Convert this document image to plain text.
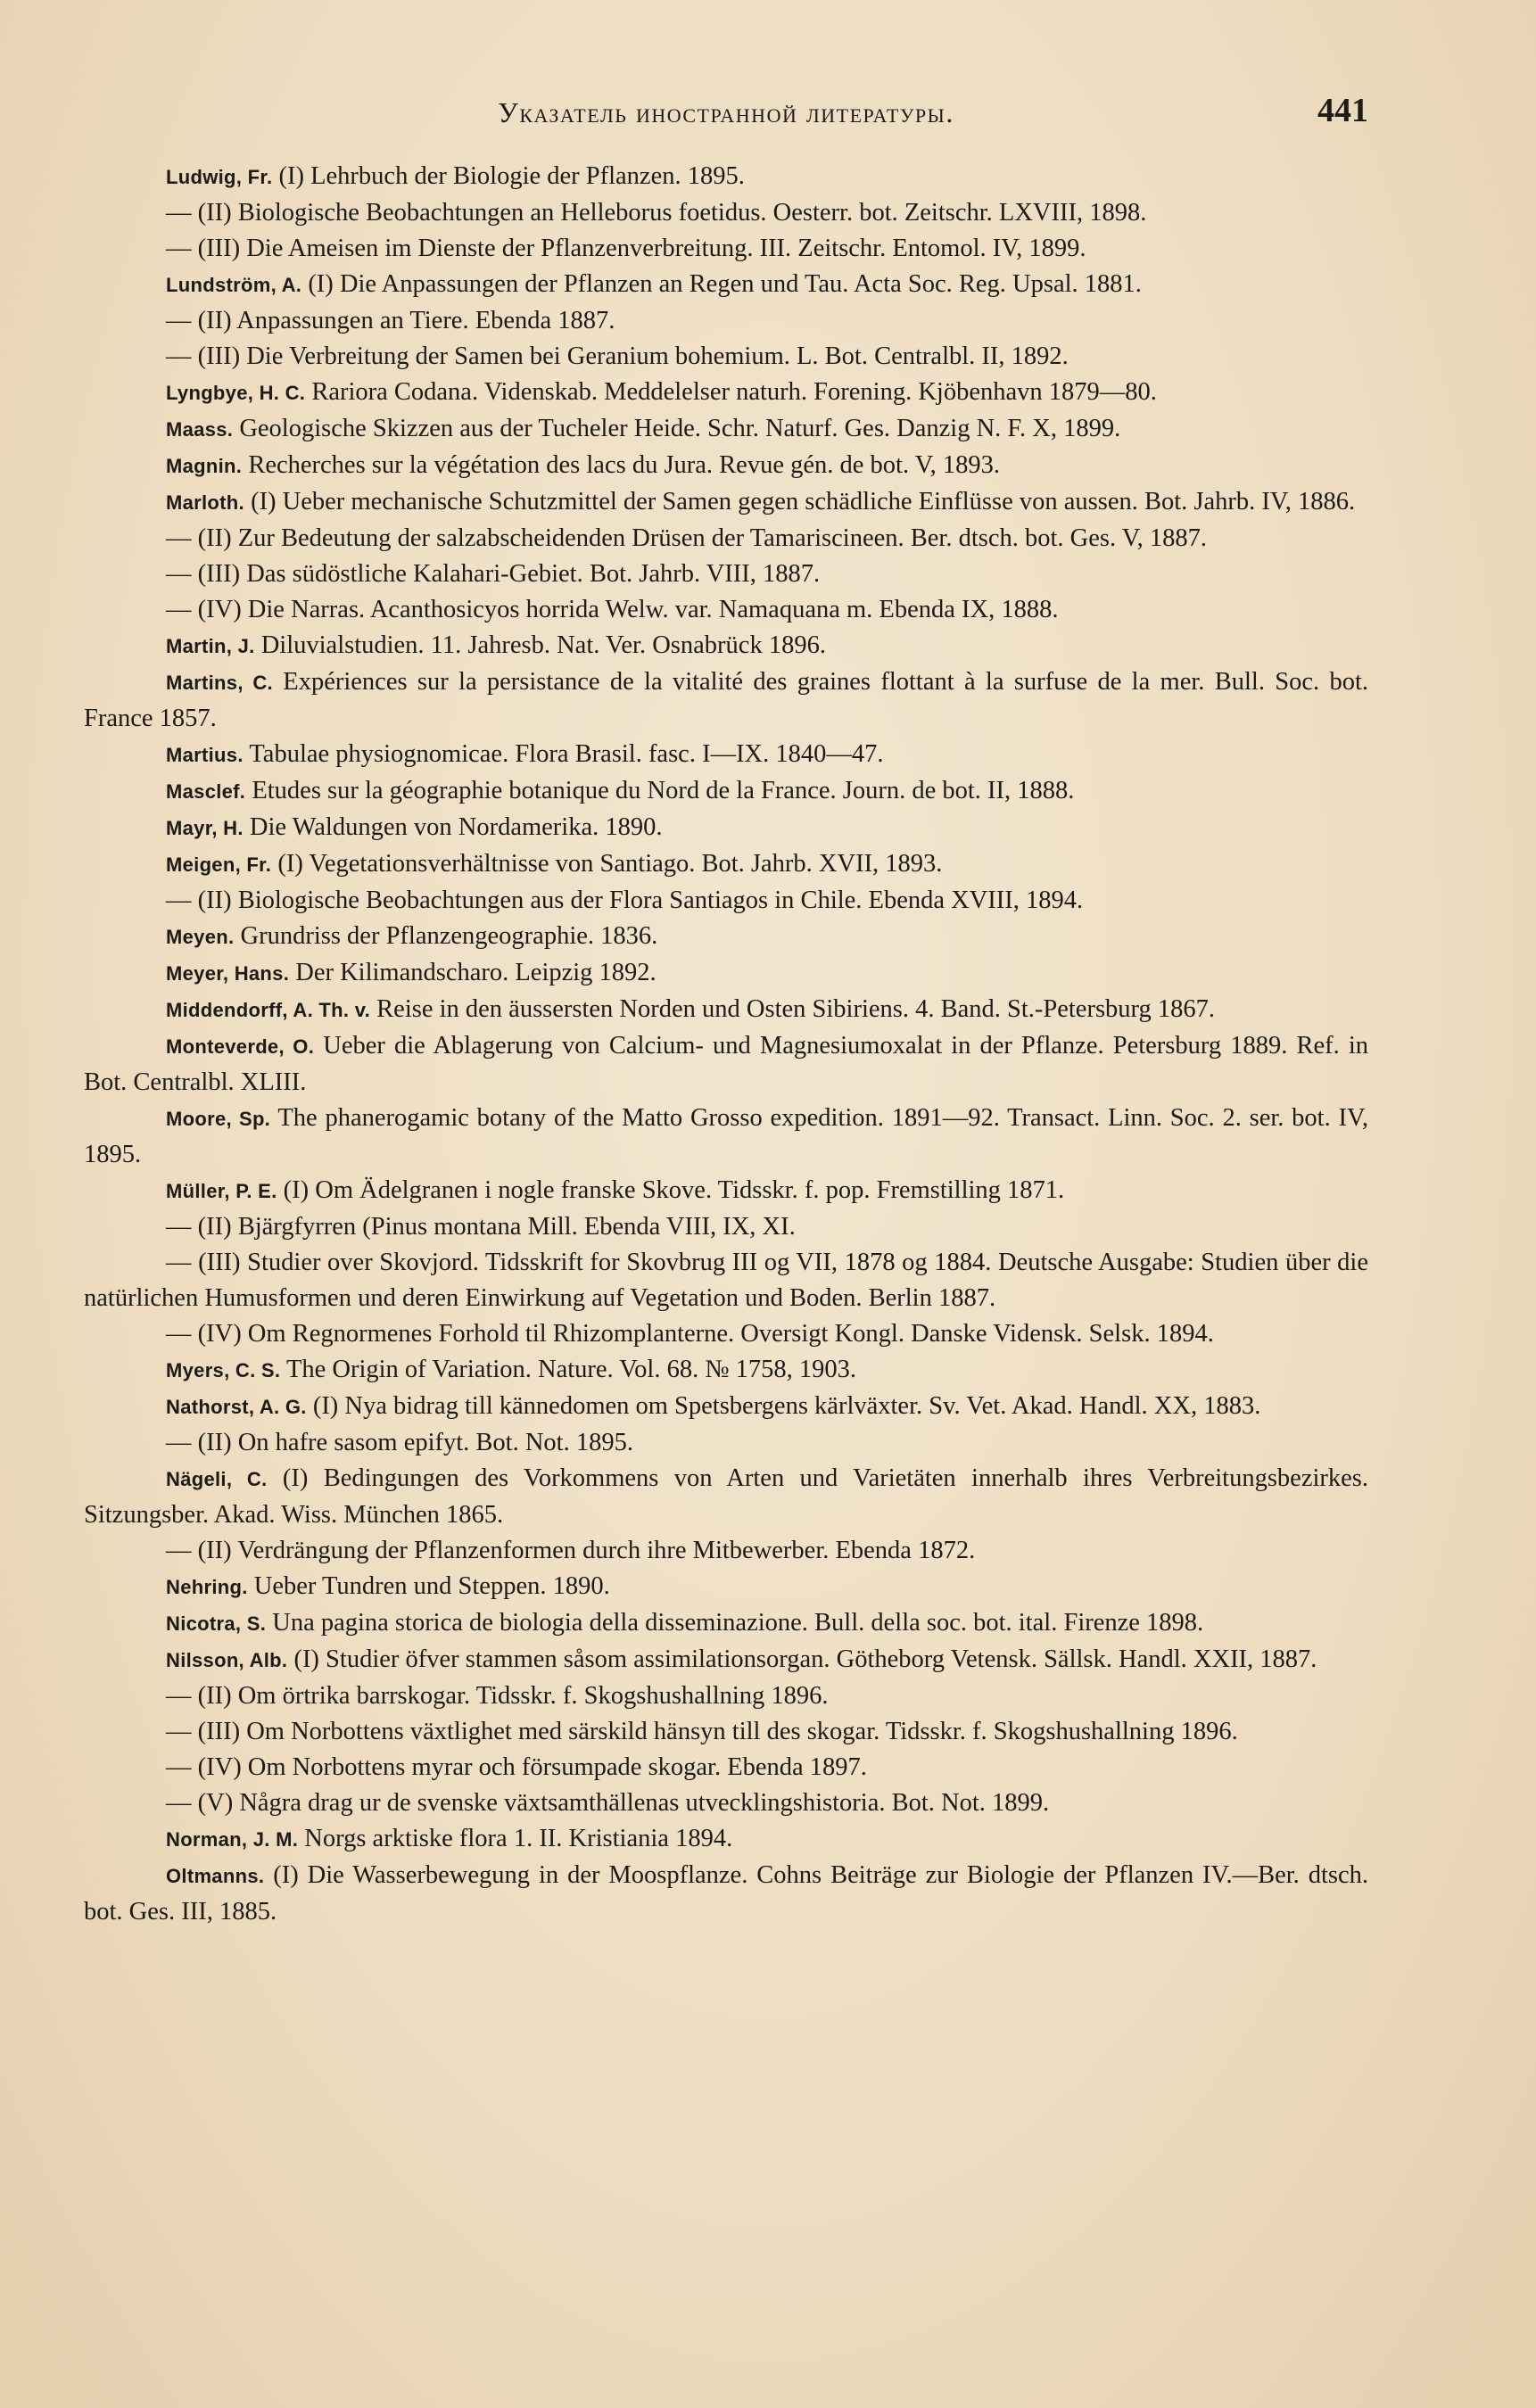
Указатель иностранной литературы.	441
Ludwig, Fr. (I) Lehrbuch der Biologie der Pflanzen. 1895.
— (II) Biologische Beobachtungen an Helleborus foetidus. Oesterr. bot. Zeitschr. LXVIII, 1898.
— (III) Die Ameisen im Dienste der Pflanzenverbreitung. III. Zeitschr. Entomol. IV, 1899.
Lundström, A. (I) Die Anpassungen der Pflanzen an Regen und Tau. Acta Soc. Reg. Upsal. 1881.
— (II) Anpassungen an Tiere. Ebenda 1887.
— (III) Die Verbreitung der Samen bei Geranium bohemium. L. Bot. Centralbl. II, 1892.
Lyngbye, H. C. Rariora Codana. Videnskab. Meddelelser naturh. Forening. Kjöbenhavn 1879—80.
Maass. Geologische Skizzen aus der Tucheler Heide. Schr. Naturf. Ges. Danzig N. F. X, 1899.
Magnin. Recherches sur la végétation des lacs du Jura. Revue gén. de bot. V, 1893.
Marloth. (I) Ueber mechanische Schutzmittel der Samen gegen schädliche Einflüsse von aussen. Bot. Jahrb. IV, 1886.
— (II) Zur Bedeutung der salzabscheidenden Drüsen der Tamariscineen. Ber. dtsch. bot. Ges. V, 1887.
— (III) Das südöstliche Kalahari-Gebiet. Bot. Jahrb. VIII, 1887.
— (IV) Die Narras. Acanthosicyos horrida Welw. var. Namaquana m. Ebenda IX, 1888.
Martin, J. Diluvialstudien. 11. Jahresb. Nat. Ver. Osnabrück 1896.
Martins, C. Expériences sur la persistance de la vitalité des graines flottant à la surfuse de la mer. Bull. Soc. bot. France 1857.
Martius. Tabulae physiognomicae. Flora Brasil. fasc. I—IX. 1840—47.
Masclef. Etudes sur la géographie botanique du Nord de la France. Journ. de bot. II, 1888.
Mayr, H. Die Waldungen von Nordamerika. 1890.
Meigen, Fr. (I) Vegetationsverhältnisse von Santiago. Bot. Jahrb. XVII, 1893.
— (II) Biologische Beobachtungen aus der Flora Santiagos in Chile. Ebenda XVIII, 1894.
Meyen. Grundriss der Pflanzengeographie. 1836.
Meyer, Hans. Der Kilimandscharo. Leipzig 1892.
Middendorff, A. Th. v. Reise in den äussersten Norden und Osten Sibiriens. 4. Band. St.-Petersburg 1867.
Monteverde, O. Ueber die Ablagerung von Calcium- und Magnesiumoxalat in der Pflanze. Petersburg 1889. Ref. in Bot. Centralbl. XLIII.
Moore, Sp. The phanerogamic botany of the Matto Grosso expedition. 1891—92. Transact. Linn. Soc. 2. ser. bot. IV, 1895.
Müller, P. E. (I) Om Ädelgranen i nogle franske Skove. Tidsskr. f. pop. Fremstilling 1871.
— (II) Bjärgfyrren (Pinus montana Mill. Ebenda VIII, IX, XI.
— (III) Studier over Skovjord. Tidsskrift for Skovbrug III og VII, 1878 og 1884. Deutsche Ausgabe: Studien über die natürlichen Humusformen und deren Einwirkung auf Vegetation und Boden. Berlin 1887.
— (IV) Om Regnormenes Forhold til Rhizomplanterne. Oversigt Kongl. Danske Vidensk. Selsk. 1894.
Myers, C. S. The Origin of Variation. Nature. Vol. 68. № 1758, 1903.
Nathorst, A. G. (I) Nya bidrag till kännedomen om Spetsbergens kärlväxter. Sv. Vet. Akad. Handl. XX, 1883.
— (II) On hafre sasom epifyt. Bot. Not. 1895.
Nägeli, C. (I) Bedingungen des Vorkommens von Arten und Varietäten innerhalb ihres Verbreitungsbezirkes. Sitzungsber. Akad. Wiss. München 1865.
— (II) Verdrängung der Pflanzenformen durch ihre Mitbewerber. Ebenda 1872.
Nehring. Ueber Tundren und Steppen. 1890.
Nicotra, S. Una pagina storica de biologia della disseminazione. Bull. della soc. bot. ital. Firenze 1898.
Nilsson, Alb. (I) Studier öfver stammen såsom assimilationsorgan. Götheborg Vetensk. Sällsk. Handl. XXII, 1887.
— (II) Om örtrika barrskogar. Tidsskr. f. Skogshushallning 1896.
— (III) Om Norbottens växtlighet med särskild hänsyn till des skogar. Tidsskr. f. Skogshushallning 1896.
— (IV) Om Norbottens myrar och försumpade skogar. Ebenda 1897.
— (V) Några drag ur de svenske växtsamthällenas utvecklingshistoria. Bot. Not. 1899.
Norman, J. M. Norgs arktiske flora 1. II. Kristiania 1894.
Oltmanns. (I) Die Wasserbewegung in der Moospflanze. Cohns Beiträge zur Biologie der Pflanzen IV.—Ber. dtsch. bot. Ges. III, 1885.
